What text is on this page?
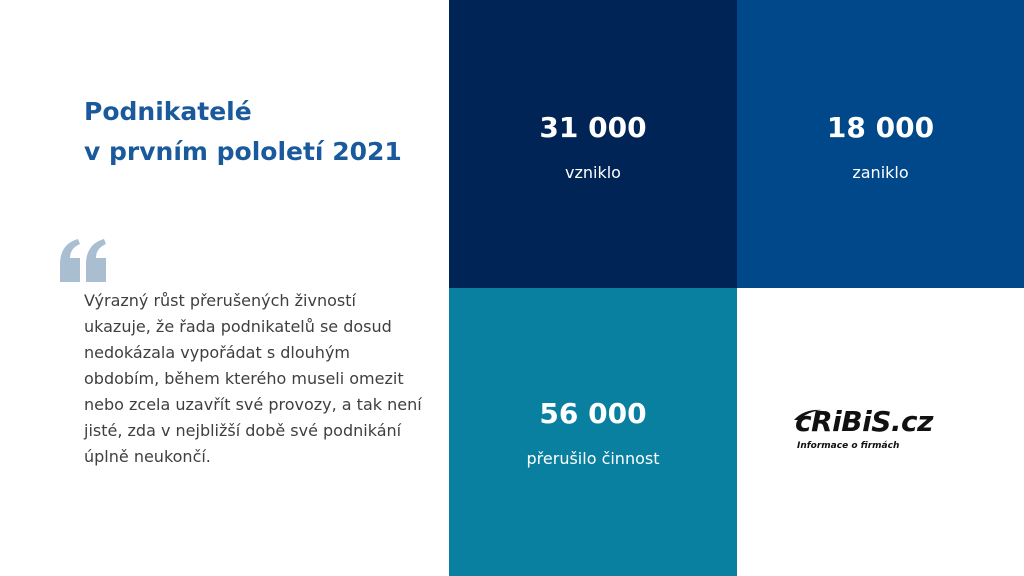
Podnikatelé
v prvním pololetí 2021

Výrazný růst přerušených živností ukazuje, že řada podnikatelů se dosud nedokázala vypořádat s dlouhým obdobím, během kterého museli omezit nebo zcela uzavřít své provozy, a tak není jisté, zda v nejbližší době své podnikání úplně neukončí.

31 000
vzniklo
18 000
zaniklo
56 000
přerušilo činnost

cRiBiS.cz

Informace o firmách
